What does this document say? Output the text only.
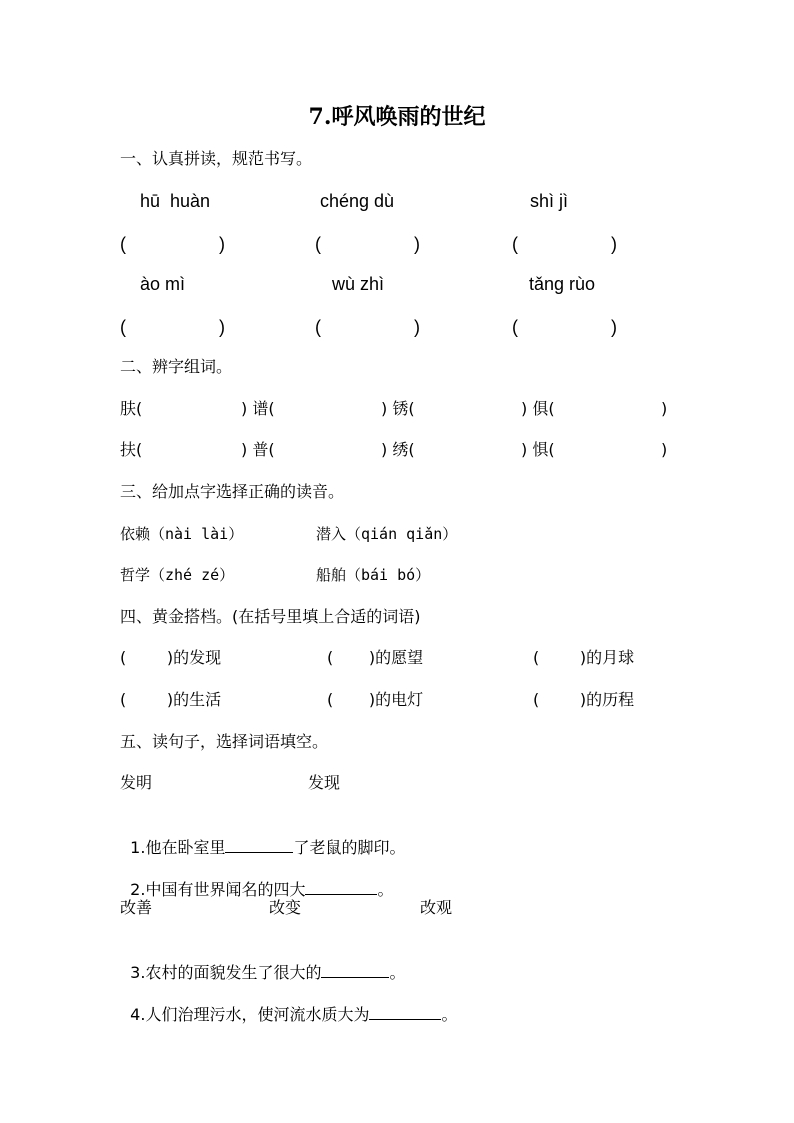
7.呼风唤雨的世纪
一、认真拼读，规范书写。
hū  huàn	chéng dù	shì jì
(	)	(	)	(	)
ào mì	wù zhì	tǎng rùo
(	)	(	)	(	)
二、辨字组词。
肤(	) 谱(	) 锈(	) 俱(	)
扶(	) 普(	) 绣(	) 惧(	)
三、给加点字选择正确的读音。
依赖（nài lài）	潜入（qián qiǎn）
哲学（zhé zé）	船舶（bái bó）
四、黄金搭档。(在括号里填上合适的词语)
(        )的发现	(       )的愿望	(        )的月球
(        )的生活	(       )的电灯	(        )的历程
五、读句子，选择词语填空。
发明	发现

1.他在卧室里	了老鼠的脚印。

2.中国有世界闻名的四大	。

改善	改变	改观

3.农村的面貌发生了很大的	。

4.人们治理污水，使河流水质大为	。
